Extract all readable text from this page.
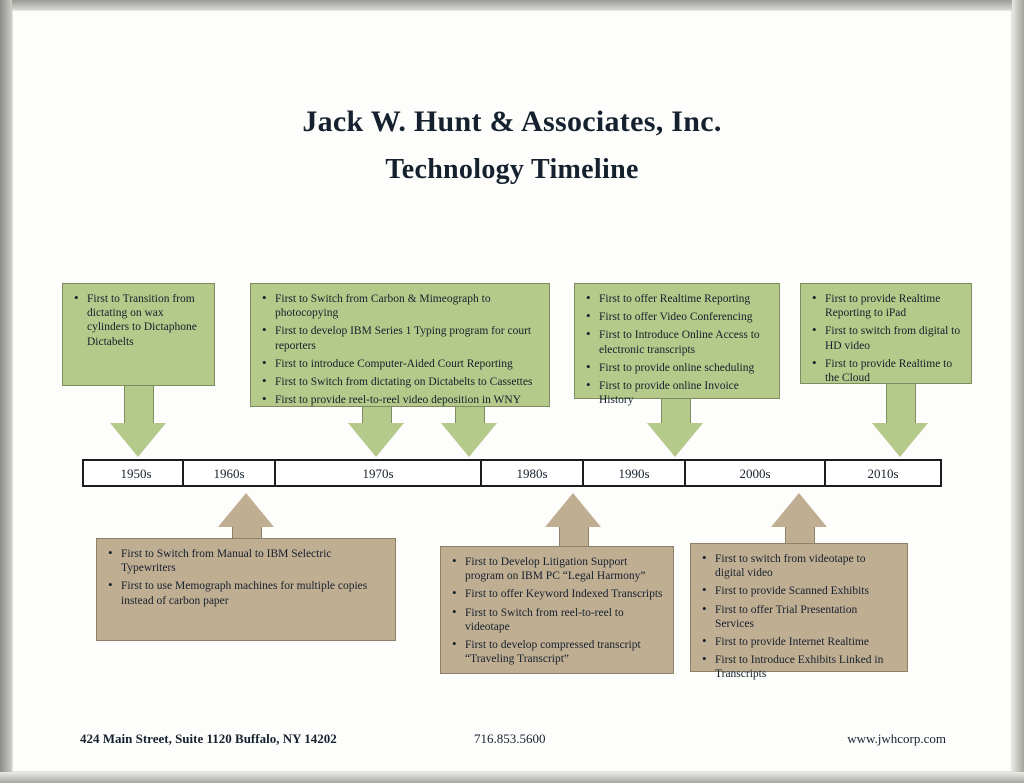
Jack W. Hunt & Associates, Inc.
Technology Timeline
• First to Transition from dictating on wax cylinders to Dictaphone Dictabelts
• First to Switch from Carbon & Mimeograph to photocopying
• First to develop IBM Series 1 Typing program for court reporters
• First to introduce Computer-Aided Court Reporting
• First to Switch from dictating on Dictabelts to Cassettes
• First to provide reel-to-reel video deposition in WNY
• First to offer Realtime Reporting
• First to offer Video Conferencing
• First to Introduce Online Access to electronic transcripts
• First to provide online scheduling
• First to provide online Invoice History
• First to provide Realtime Reporting to iPad
• First to switch from digital to HD video
• First to provide Realtime to the Cloud
1950s	1960s	1970s	1980s	1990s	2000s	2010s
• First to Switch from Manual to IBM Selectric Typewriters
• First to use Memograph machines for multiple copies instead of carbon paper
• First to Develop Litigation Support program on IBM PC “Legal Harmony”
• First to offer Keyword Indexed Transcripts
• First to Switch from reel-to-reel to videotape
• First to develop compressed transcript “Traveling Transcript”
• First to switch from videotape to digital video
• First to provide Scanned Exhibits
• First to offer Trial Presentation Services
• First to provide Internet Realtime
• First to Introduce Exhibits Linked in Transcripts
424 Main Street, Suite 1120 Buffalo, NY 14202	716.853.5600	www.jwhcorp.com
